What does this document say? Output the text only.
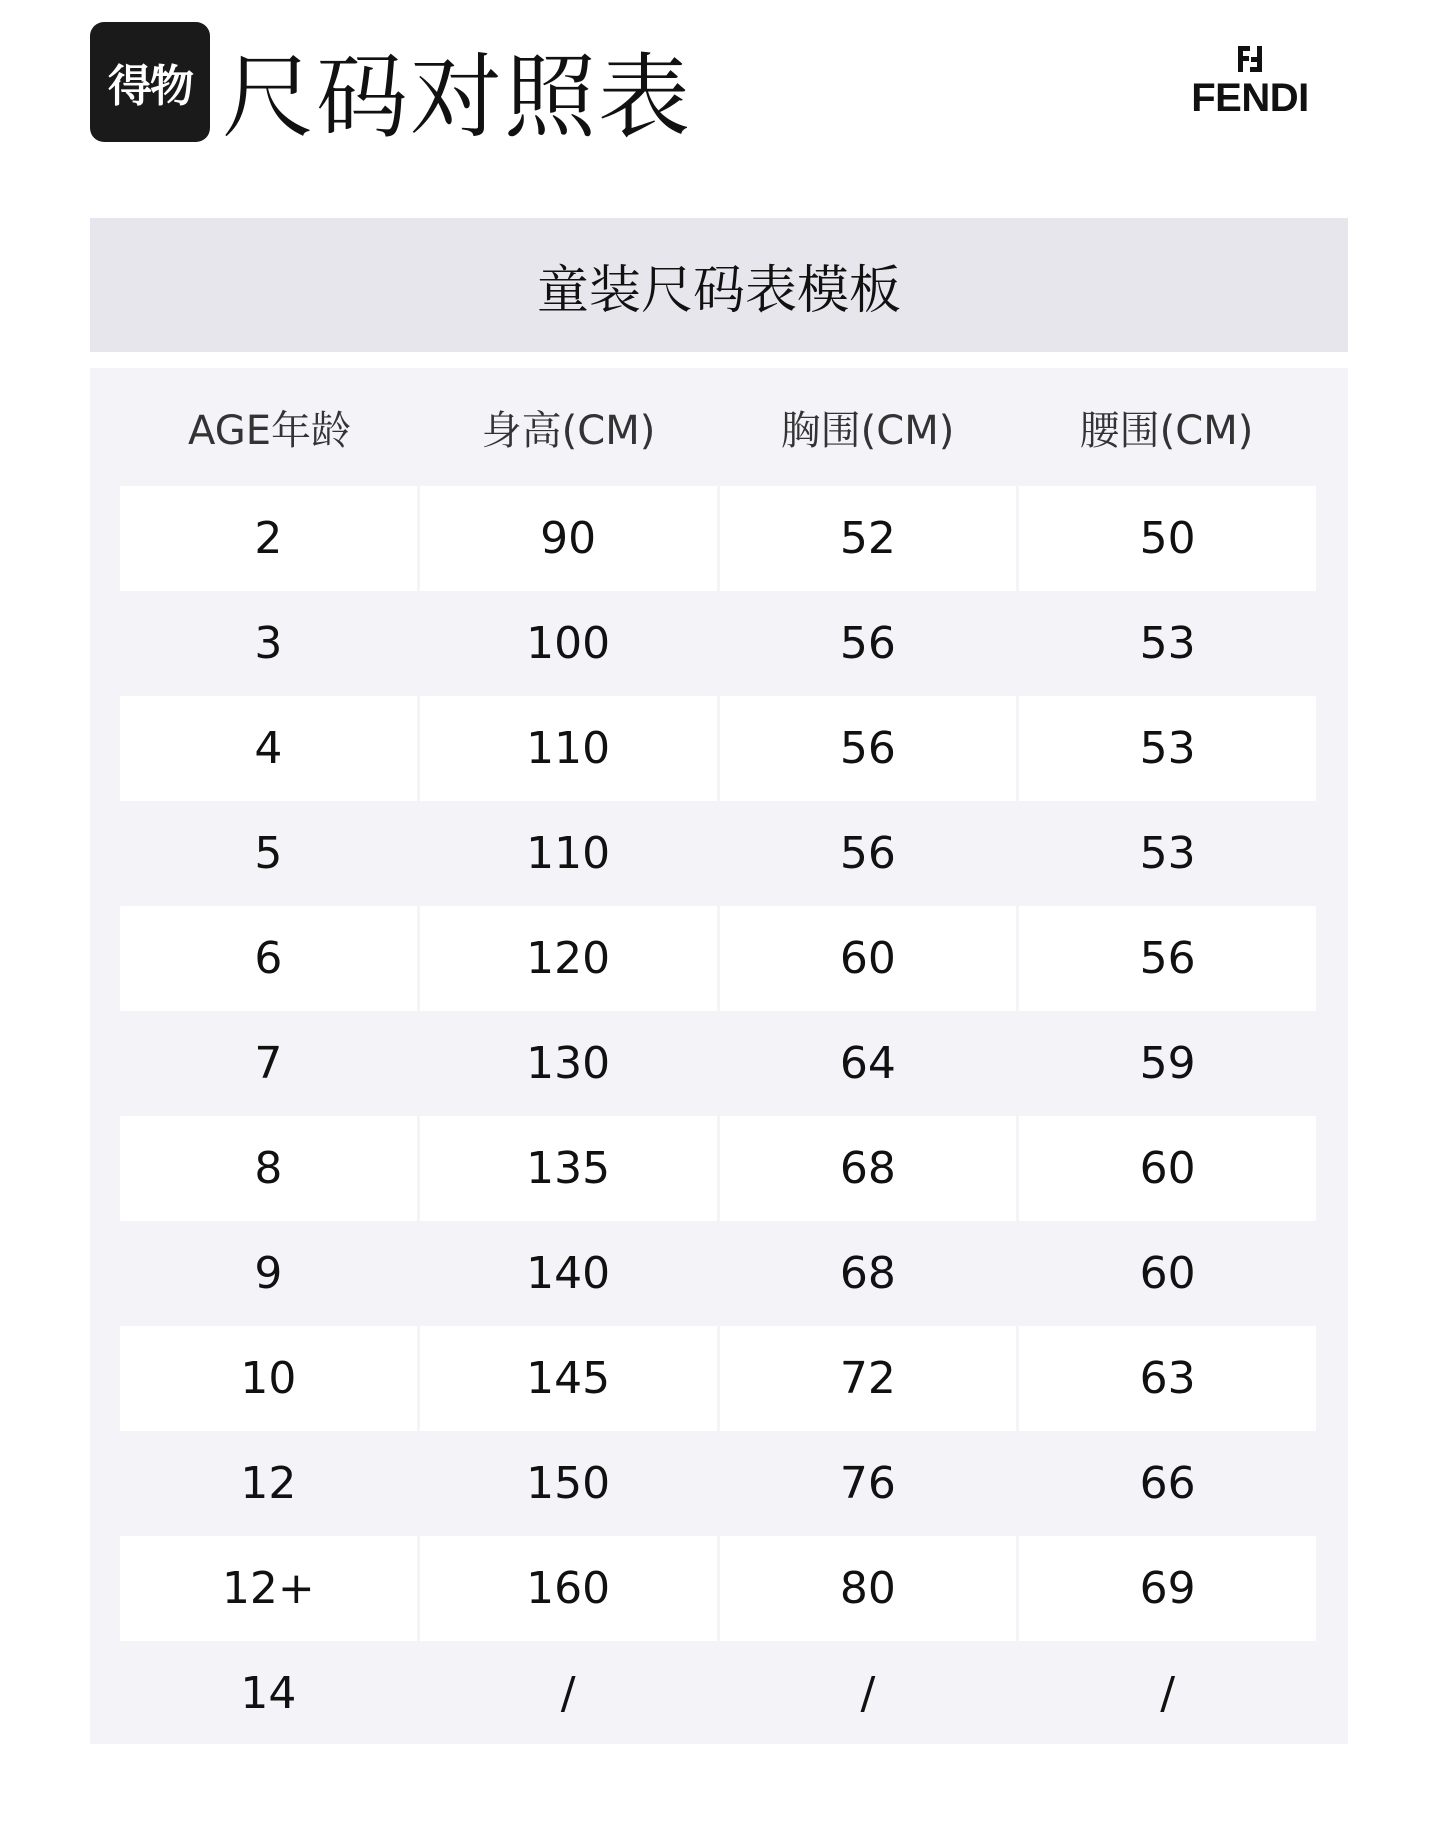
得物 尺码对照表	FENDI
童装尺码表模板
AGE年龄	身高(CM)	胸围(CM)	腰围(CM)
2	90	52	50
3	100	56	53
4	110	56	53
5	110	56	53
6	120	60	56
7	130	64	59
8	135	68	60
9	140	68	60
10	145	72	63
12	150	76	66
12+	160	80	69
14	/	/	/
